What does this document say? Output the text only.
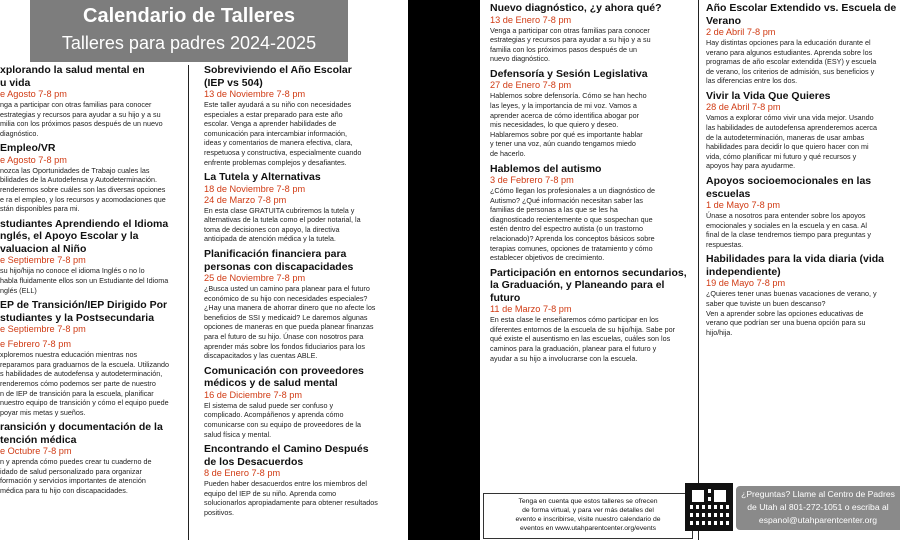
Calendario de Talleres
Talleres para padres 2024-2025
xplorando la salud mental en
u vida
e Agosto 7-8 pm
nga a participar con otras familias para conocer
estrategias y recursos para ayudar a su hijo y a su
milia con los próximos pasos después de un nuevo
diagnóstico.
Empleo/VR
e Agosto 7-8 pm
nozca las Oportunidades de Trabajo cuales las
bilidades de la Autodefensa y Autodeterminación.
renderemos sobre cuáles son las diversas opciones
e ra el empleo, y los recursos y acomodaciones que
stán disponibles para mi.
studiantes Aprendiendo el Idioma
nglés, el Apoyo Escolar y la
valuacion al Niño
e Septiembre 7-8 pm
su hijo/hija no conoce el idioma Inglés o no lo
habla fluidamente ellos son un Estudiante del Idioma
nglés (ELL)
EP de Transición/IEP Dirigido Por
studiantes y la Postsecundaria
e Septiembre 7-8 pm
e Febrero 7-8 pm
xploremos nuestra educación mientras nos
reparamos para graduarnos de la escuela. Utilizando
s habilidades de autodefensa y autodeterminación,
renderemos cómo podemos ser parte de nuestro
n de IEP de transición para la escuela, planificar
nuestro equipo de transición y cómo el equipo puede
poyar mis metas y sueños.
ransición y documentación de la
tención médica
e Octubre 7-8 pm
n y aprenda cómo puedes crear tu cuaderno de
idado de salud personalizado para organizar
formación y servicios importantes de atención
médica para tu hijo con discapacidades.
Sobreviviendo el Año Escolar
(IEP vs 504)
13 de Noviembre 7-8 pm
Este taller ayudará a su niño con necesidades
especiales a estar preparado para este año
escolar. Venga a aprender habilidades de
comunicación para intercambiar información,
ideas y comentarios de manera efectiva, clara,
respetuosa y constructiva, especialmente cuando
enfrente problemas complejos y desafiantes.
La Tutela y Alternativas
18 de Noviembre 7-8 pm
24 de Marzo 7-8 pm
En esta clase GRATUITA cubriremos la tutela y
alternativas de la tutela como el poder notarial, la
toma de decisiones con apoyo, la directiva
anticipada de atención médica y la tutela.
Planificación financiera para
personas con discapacidades
25 de Noviembre 7-8 pm
¿Busca usted un camino para planear para el futuro
económico de su hijo con necesidades especiales?
¿Hay una manera de ahorrar dinero que no afecte los
beneficios de SSI y medicaid? Le daremos algunas
opciones de maneras en que pueda planear finanzas
para el futuro de su hijo. Únase con nosotros para
aprender más sobre los fondos fiduciarios para los
discapacitados y las cuentas ABLE.
Comunicación con proveedores
médicos y de salud mental
16 de Diciembre 7-8 pm
El sistema de salud puede ser confuso y
complicado. Acompáñenos y aprenda cómo
comunicarse con su equipo de proveedores de la
salud física y mental.
Encontrando el Camino Después
de los Desacuerdos
8 de Enero 7-8 pm
Pueden haber desacuerdos entre los miembros del
equipo del IEP de su niño. Aprenda como
solucionarlos apropiadamente para obtener resultados
positivos.
Nuevo diagnóstico, ¿y ahora qué?
13 de Enero 7-8 pm
Venga a participar con otras familias para conocer
estrategias y recursos para ayudar a su hijo y a su
familia con los próximos pasos después de un
nuevo diagnóstico.
Defensoría y Sesión Legislativa
27 de Enero 7-8 pm
Hablemos sobre defensoría. Cómo se han hecho
las leyes, y la importancia de mi voz. Vamos a
aprender acerca de cómo identifica abogar por
mis necesidades, lo que quiero y deseo.
Hablaremos sobre por qué es importante hablar
y tener una voz, aún cuando tengamos miedo
de hacerlo.
Hablemos del autismo
3 de Febrero 7-8 pm
¿Cómo llegan los profesionales a un diagnóstico de
Autismo? ¿Qué información necesitan saber las
familias de personas a las que se les ha
diagnosticado recientemente o que sospechan que
estén dentro del espectro autista (o un trastorno
relacionado)? Aprenda los conceptos básicos sobre
terapias comunes, opciones de tratamiento y cómo
establecer objetivos de crecimiento.
Participación en entornos secundarios,
la Graduación, y Planeando para el
futuro
11 de Marzo 7-8 pm
En esta clase le enseñaremos cómo participar en los
diferentes entornos de la escuela de su hijo/hija. Sabe por
qué existe el ausentismo en las escuelas, cuáles son los
caminos para la graduación, planear para el futuro y
ayudar a su hijo a involucrarse con la escuela.
Año Escolar Extendido vs. Escuela de
Verano
2 de Abril 7-8 pm
Hay distintas opciones para la educación durante el
verano para algunos estudiantes. Aprenda sobre los
programas de año escolar extendida (ESY) y escuela
de verano, los criterios de admisión, sus beneficios y
las diferencias entre los dos.
Vivir la Vida Que Quieres
28 de Abril 7-8 pm
Vamos a explorar cómo vivir una vida mejor. Usando
las habilidades de autodefensa aprenderemos acerca
de la autodeterminación, maneras de usar ambas
habilidades para decidir lo que quiero hacer con mi
vida, cómo planificar mi futuro y qué recursos y
apoyos hay para ayudarme.
Apoyos socioemocionales en las
escuelas
1 de Mayo 7-8 pm
Únase a nosotros para entender sobre los apoyos
emocionales y sociales en la escuela y en casa. Al
final de la clase tendremos tiempo para preguntas y
respuestas.
Habilidades para la vida diaria (vida
independiente)
19 de Mayo 7-8 pm
¿Quieres tener unas buenas vacaciones de verano, y
saber que tuviste un buen descanso?
Ven a aprender sobre las opciones educativas de
verano que podrían ser una buena opción para su
hijo/hija.
Tenga en cuenta que estos talleres se ofrecen
de forma virtual, y para ver más detalles del
evento e inscribirse, visite nuestro calendario de
eventos en www.utahparentcenter.org/events
¿Preguntas? Llame al Centro de Padres
de Utah al 801-272-1051 o escriba al
espanol@utahparentcenter.org
